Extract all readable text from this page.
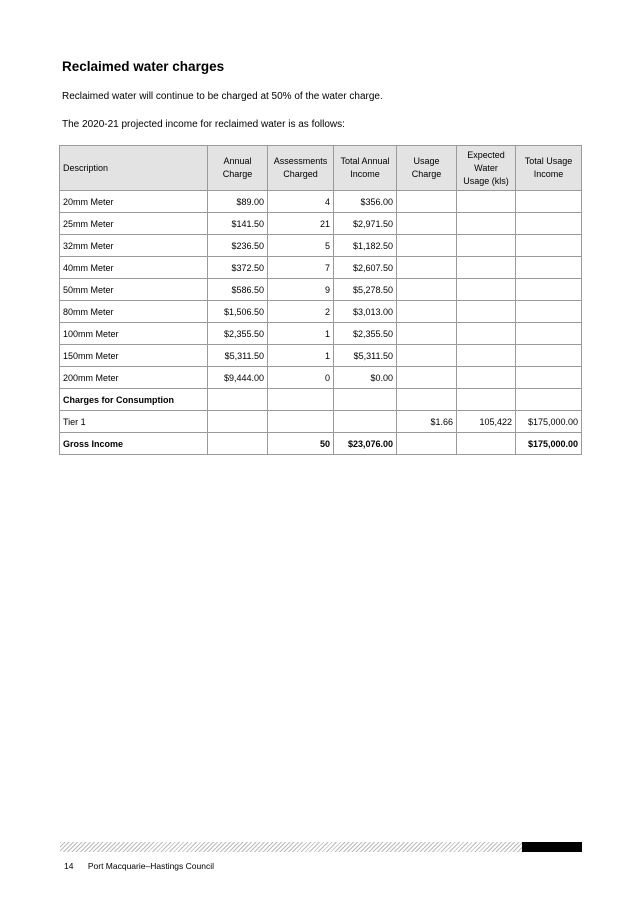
Reclaimed water charges
Reclaimed water will continue to be charged at 50% of the water charge.
The 2020-21 projected income for reclaimed water is as follows:
Description	Annual Charge	Assessments Charged	Total Annual Income	Usage Charge	Expected Water Usage (kls)	Total Usage Income
20mm Meter	$89.00	4	$356.00			
25mm Meter	$141.50	21	$2,971.50			
32mm Meter	$236.50	5	$1,182.50			
40mm Meter	$372.50	7	$2,607.50			
50mm Meter	$586.50	9	$5,278.50			
80mm Meter	$1,506.50	2	$3,013.00			
100mm Meter	$2,355.50	1	$2,355.50			
150mm Meter	$5,311.50	1	$5,311.50			
200mm Meter	$9,444.00	0	$0.00			
Charges for Consumption						
Tier 1				$1.66	105,422	$175,000.00
Gross Income		50	$23,076.00			$175,000.00
14 Port Macquarie–Hastings Council
